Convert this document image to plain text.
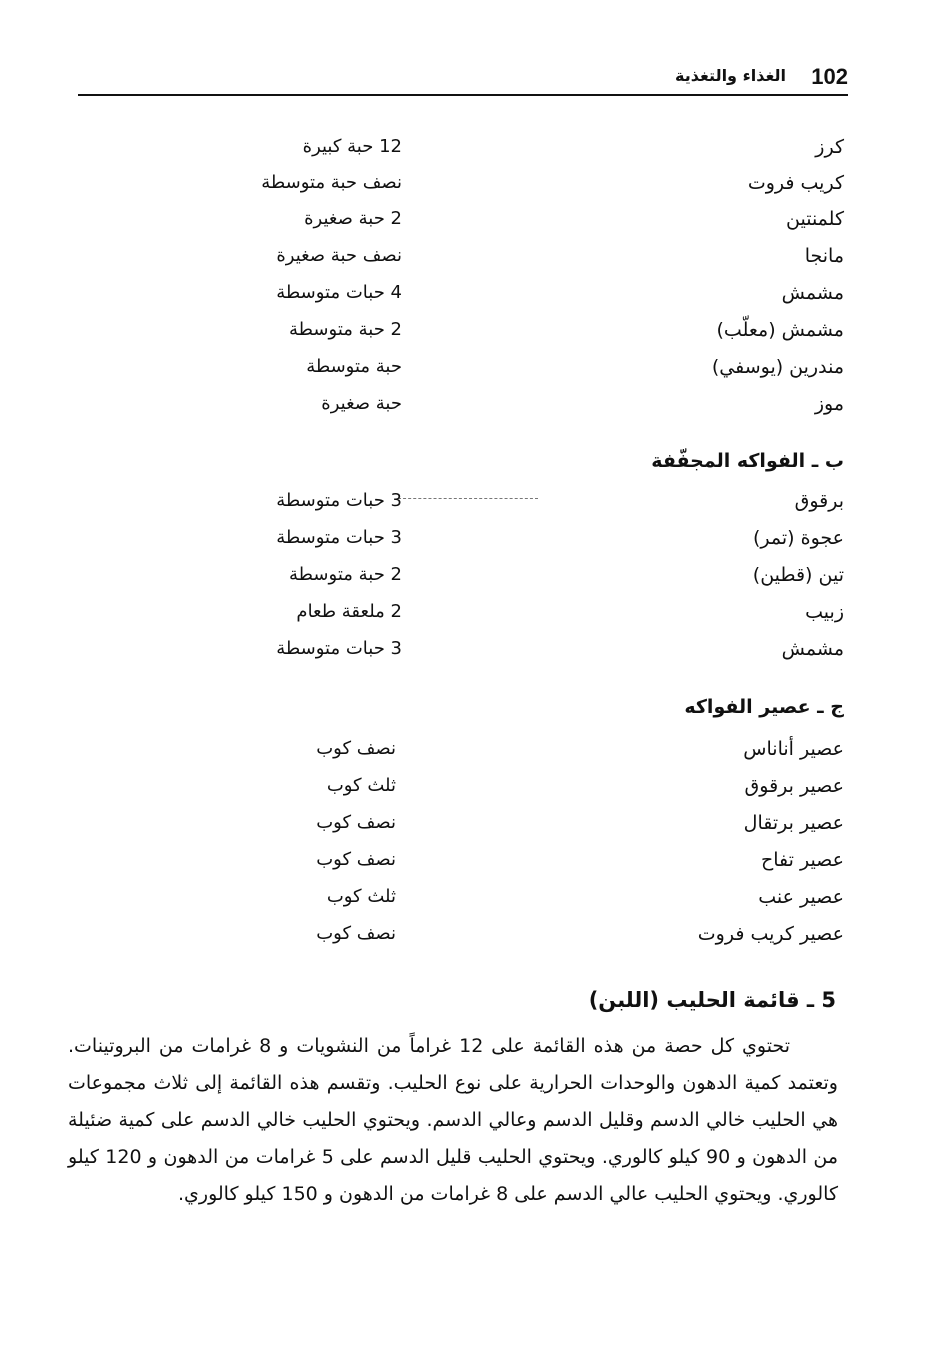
102
الغذاء والتغذية
كرز
12 حبة كبيرة
كريب فروت
نصف حبة متوسطة
كلمنتين
2 حبة صغيرة
مانجا
نصف حبة صغيرة
مشمش
4 حبات متوسطة
مشمش (معلّب)
2 حبة متوسطة
مندرين (يوسفي)
حبة متوسطة
موز
حبة صغيرة
ب ـ الفواكه المجفّفة
برقوق
3 حبات متوسطة
عجوة (تمر)
3 حبات متوسطة
تين (قطين)
2 حبة متوسطة
زبيب
2 ملعقة طعام
مشمش
3 حبات متوسطة
ج ـ عصير الفواكه
عصير أناناس
نصف كوب
عصير برقوق
ثلث كوب
عصير برتقال
نصف كوب
عصير تفاح
نصف كوب
عصير عنب
ثلث كوب
عصير كريب فروت
نصف كوب
5 ـ قائمة الحليب (اللبن)
تحتوي كل حصة من هذه القائمة على 12 غراماً من النشويات و 8 غرامات من البروتينات. وتعتمد كمية الدهون والوحدات الحرارية على نوع الحليب. وتقسم هذه القائمة إلى ثلاث مجموعات هي الحليب خالي الدسم وقليل الدسم وعالي الدسم. ويحتوي الحليب خالي الدسم على كمية ضئيلة من الدهون و 90 كيلو كالوري. ويحتوي الحليب قليل الدسم على 5 غرامات من الدهون و 120 كيلو كالوري. ويحتوي الحليب عالي الدسم على 8 غرامات من الدهون و 150 كيلو كالوري.
